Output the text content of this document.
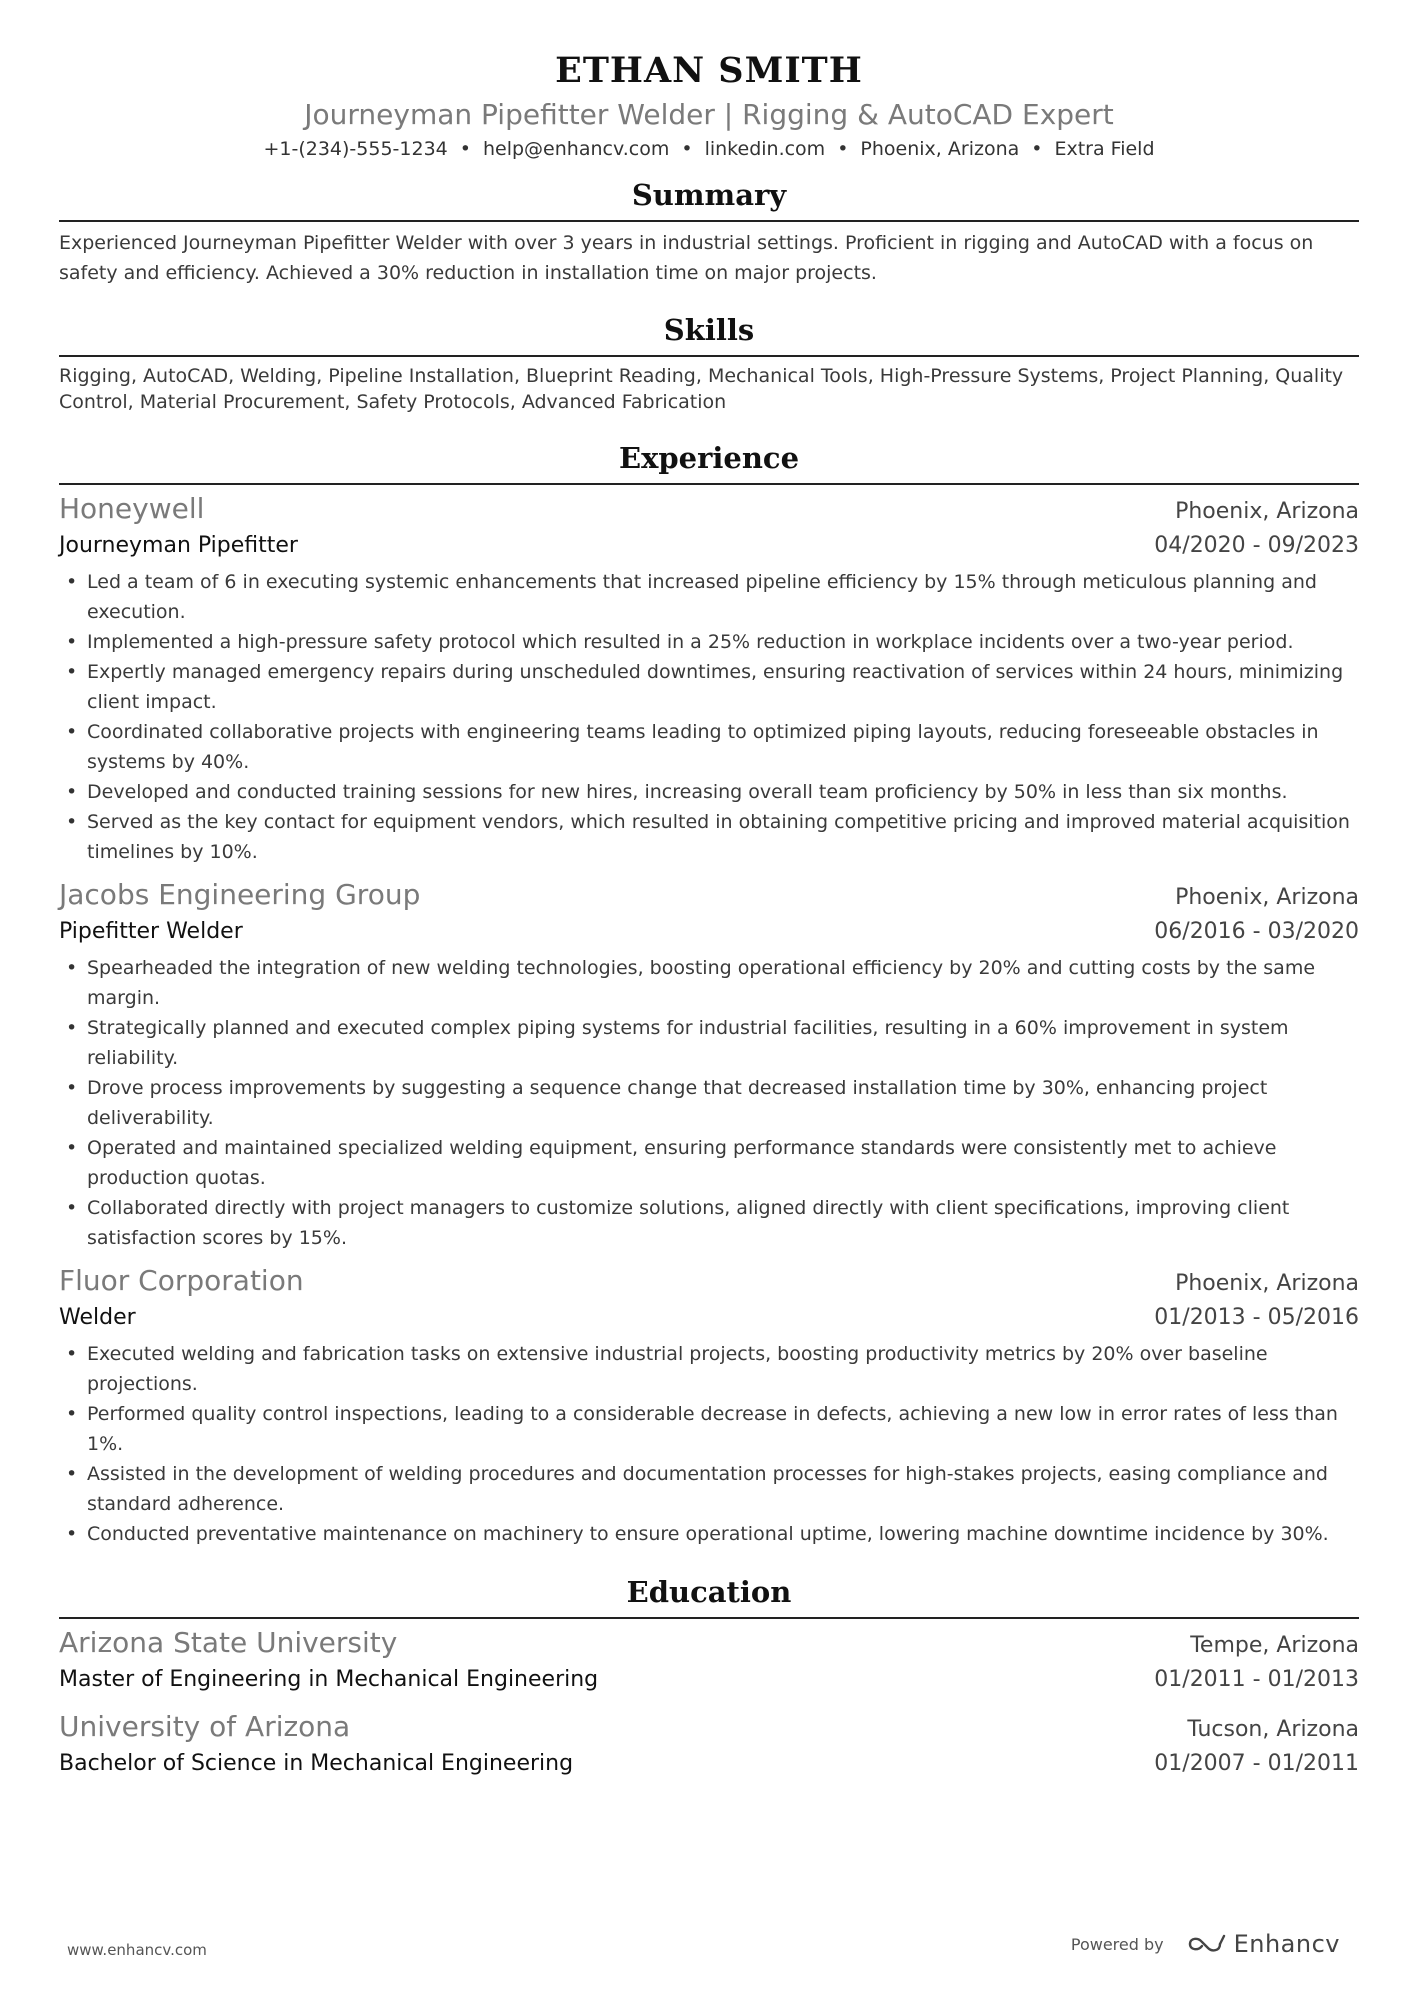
ETHAN SMITH
Journeyman Pipefitter Welder | Rigging & AutoCAD Expert
+1-(234)-555-1234 • help@enhancv.com • linkedin.com • Phoenix, Arizona • Extra Field
Summary
Experienced Journeyman Pipefitter Welder with over 3 years in industrial settings. Proficient in rigging and AutoCAD with a focus on safety and efficiency. Achieved a 30% reduction in installation time on major projects.
Skills
Rigging, AutoCAD, Welding, Pipeline Installation, Blueprint Reading, Mechanical Tools, High-Pressure Systems, Project Planning, Quality Control, Material Procurement, Safety Protocols, Advanced Fabrication
Experience
Honeywell	Phoenix, Arizona
Journeyman Pipefitter	04/2020 - 09/2023
• Led a team of 6 in executing systemic enhancements that increased pipeline efficiency by 15% through meticulous planning and execution.
• Implemented a high-pressure safety protocol which resulted in a 25% reduction in workplace incidents over a two-year period.
• Expertly managed emergency repairs during unscheduled downtimes, ensuring reactivation of services within 24 hours, minimizing client impact.
• Coordinated collaborative projects with engineering teams leading to optimized piping layouts, reducing foreseeable obstacles in systems by 40%.
• Developed and conducted training sessions for new hires, increasing overall team proficiency by 50% in less than six months.
• Served as the key contact for equipment vendors, which resulted in obtaining competitive pricing and improved material acquisition timelines by 10%.
Jacobs Engineering Group	Phoenix, Arizona
Pipefitter Welder	06/2016 - 03/2020
• Spearheaded the integration of new welding technologies, boosting operational efficiency by 20% and cutting costs by the same margin.
• Strategically planned and executed complex piping systems for industrial facilities, resulting in a 60% improvement in system reliability.
• Drove process improvements by suggesting a sequence change that decreased installation time by 30%, enhancing project deliverability.
• Operated and maintained specialized welding equipment, ensuring performance standards were consistently met to achieve production quotas.
• Collaborated directly with project managers to customize solutions, aligned directly with client specifications, improving client satisfaction scores by 15%.
Fluor Corporation	Phoenix, Arizona
Welder	01/2013 - 05/2016
• Executed welding and fabrication tasks on extensive industrial projects, boosting productivity metrics by 20% over baseline projections.
• Performed quality control inspections, leading to a considerable decrease in defects, achieving a new low in error rates of less than 1%.
• Assisted in the development of welding procedures and documentation processes for high-stakes projects, easing compliance and standard adherence.
• Conducted preventative maintenance on machinery to ensure operational uptime, lowering machine downtime incidence by 30%.
Education
Arizona State University	Tempe, Arizona
Master of Engineering in Mechanical Engineering	01/2011 - 01/2013
University of Arizona	Tucson, Arizona
Bachelor of Science in Mechanical Engineering	01/2007 - 01/2011
www.enhancv.com	Powered by	Enhancv
